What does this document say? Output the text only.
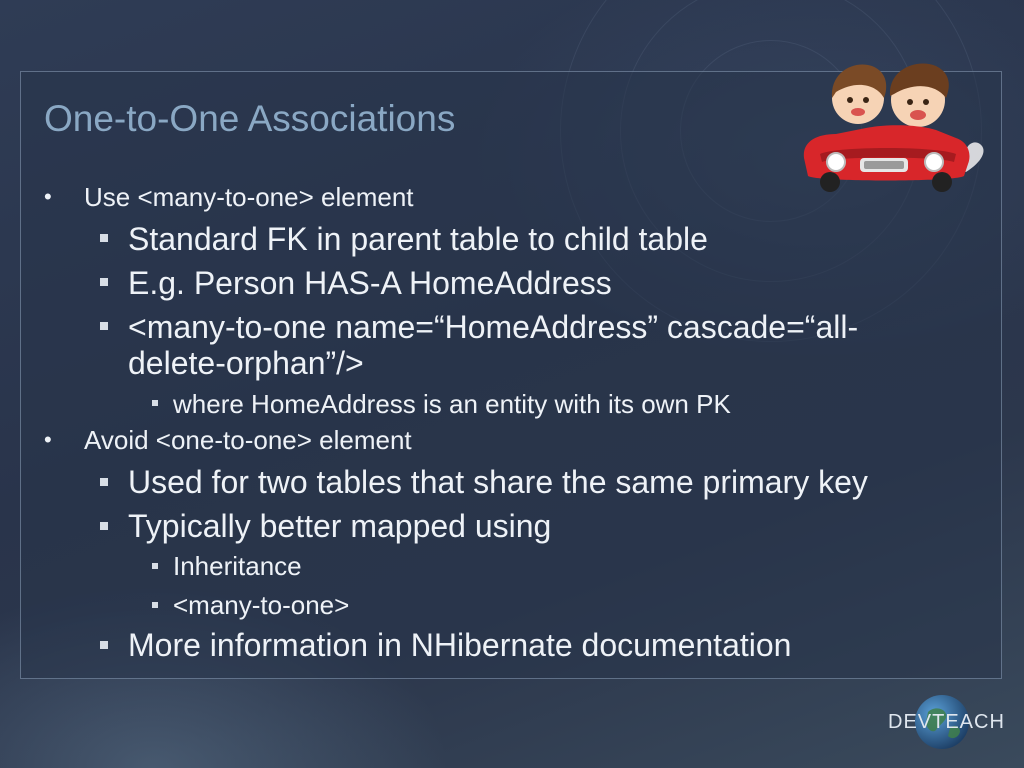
One-to-One Associations
• Use <many-to-one> element
Standard FK in parent table to child table
E.g. Person HAS-A HomeAddress
<many-to-one name=“HomeAddress” cascade=“all-
delete-orphan”/>
where HomeAddress is an entity with its own PK
• Avoid <one-to-one> element
Used for two tables that share the same primary key
Typically better mapped using
Inheritance
<many-to-one>
More information in NHibernate documentation
DEVTEACH
